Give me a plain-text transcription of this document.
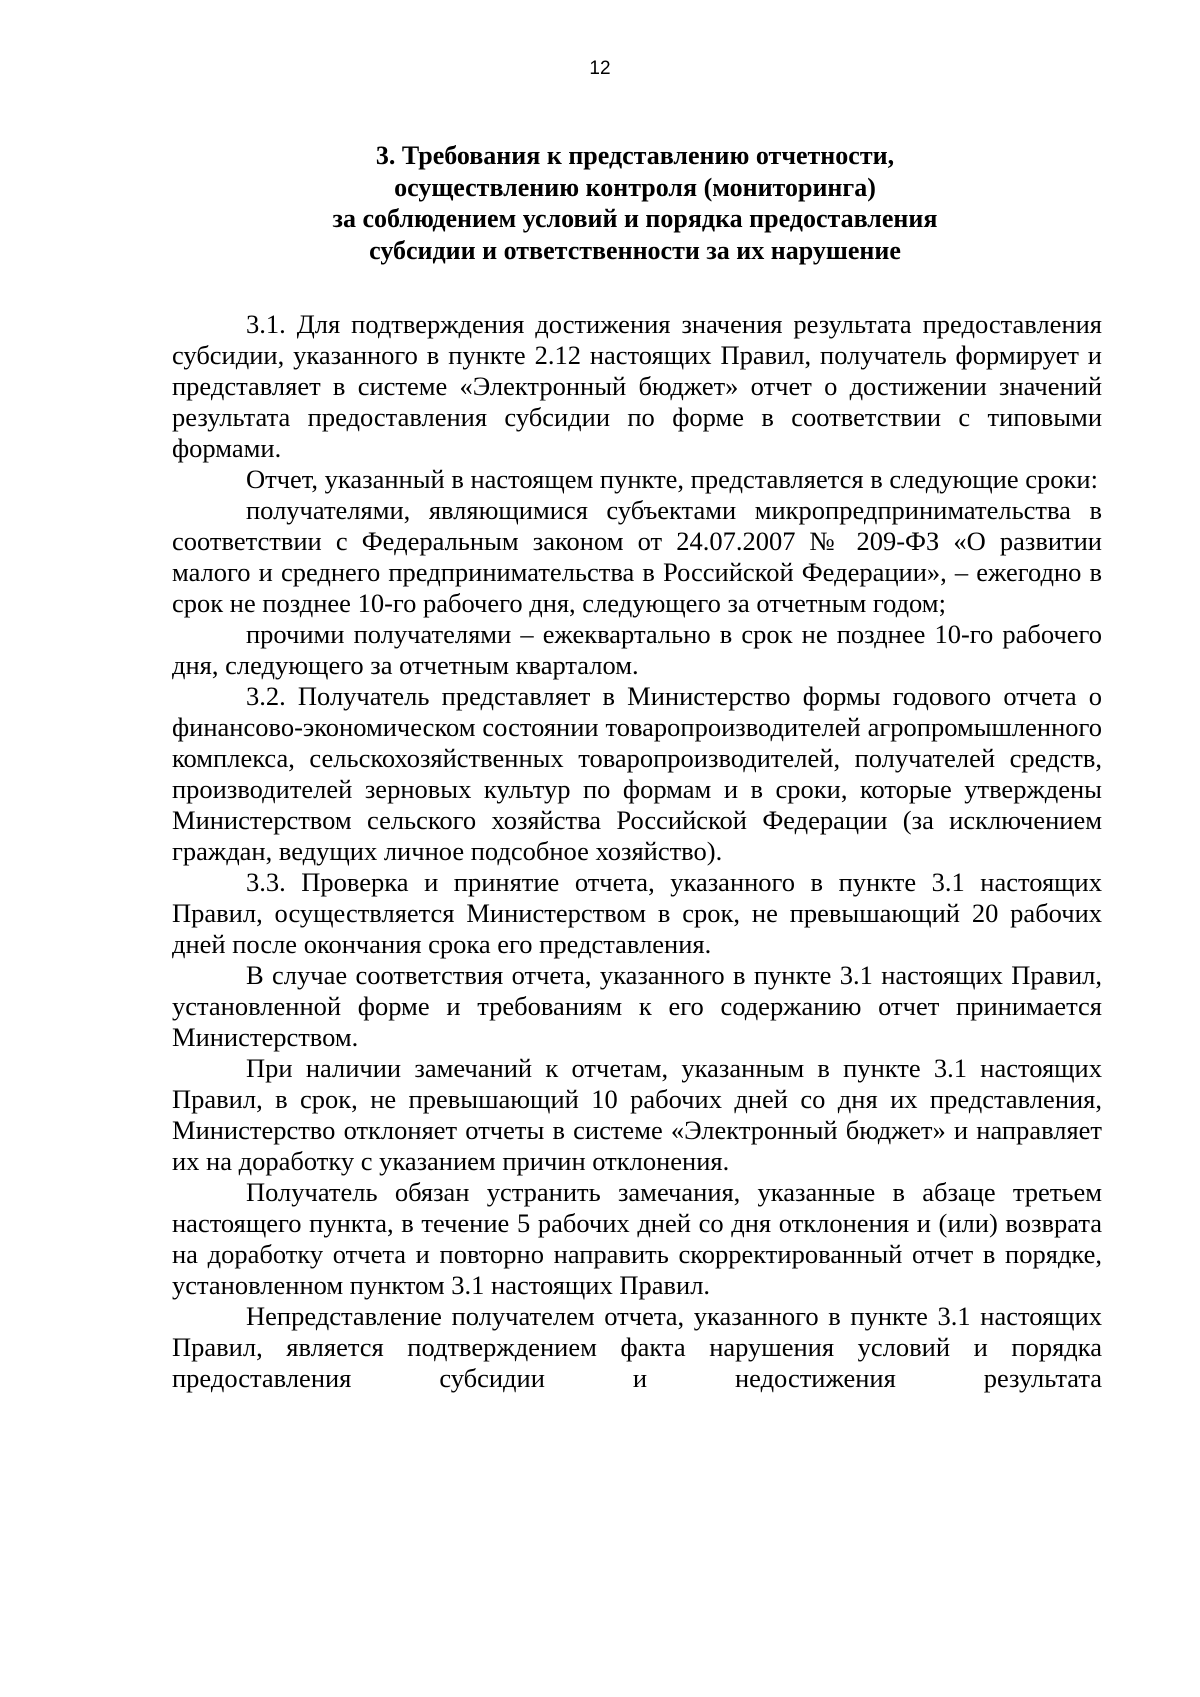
12
3. Требования к представлению отчетности,
осуществлению контроля (мониторинга)
за соблюдением условий и порядка предоставления
субсидии и ответственности за их нарушение

3.1. Для подтверждения достижения значения результата предоставления субсидии, указанного в пункте 2.12 настоящих Правил, получатель формирует и представляет в системе «Электронный бюджет» отчет о достижении значений результата предоставления субсидии по форме в соответствии с типовыми формами.

Отчет, указанный в настоящем пункте, представляется в следующие сроки:

получателями, являющимися субъектами микропредпринимательства в соответствии с Федеральным законом от 24.07.2007 № 209-ФЗ «О развитии малого и среднего предпринимательства в Российской Федерации», – ежегодно в срок не позднее 10-го рабочего дня, следующего за отчетным годом;

прочими получателями – ежеквартально в срок не позднее 10-го рабочего дня, следующего за отчетным кварталом.

3.2. Получатель представляет в Министерство формы годового отчета о финансово-экономическом состоянии товаропроизводителей агропромышленного комплекса, сельскохозяйственных товаропроизводителей, получателей средств, производителей зерновых культур по формам и в сроки, которые утверждены Министерством сельского хозяйства Российской Федерации (за исключением граждан, ведущих личное подсобное хозяйство).

3.3. Проверка и принятие отчета, указанного в пункте 3.1 настоящих Правил, осуществляется Министерством в срок, не превышающий 20 рабочих дней после окончания срока его представления.

В случае соответствия отчета, указанного в пункте 3.1 настоящих Правил, установленной форме и требованиям к его содержанию отчет принимается Министерством.

При наличии замечаний к отчетам, указанным в пункте 3.1 настоящих Правил, в срок, не превышающий 10 рабочих дней со дня их представления, Министерство отклоняет отчеты в системе «Электронный бюджет» и направляет их на доработку с указанием причин отклонения.

Получатель обязан устранить замечания, указанные в абзаце третьем настоящего пункта, в течение 5 рабочих дней со дня отклонения и (или) возврата на доработку отчета и повторно направить скорректированный отчет в порядке, установленном пунктом 3.1 настоящих Правил.

Непредставление получателем отчета, указанного в пункте 3.1 настоящих Правил, является подтверждением факта нарушения условий и порядка предоставления субсидии и недостижения результата
